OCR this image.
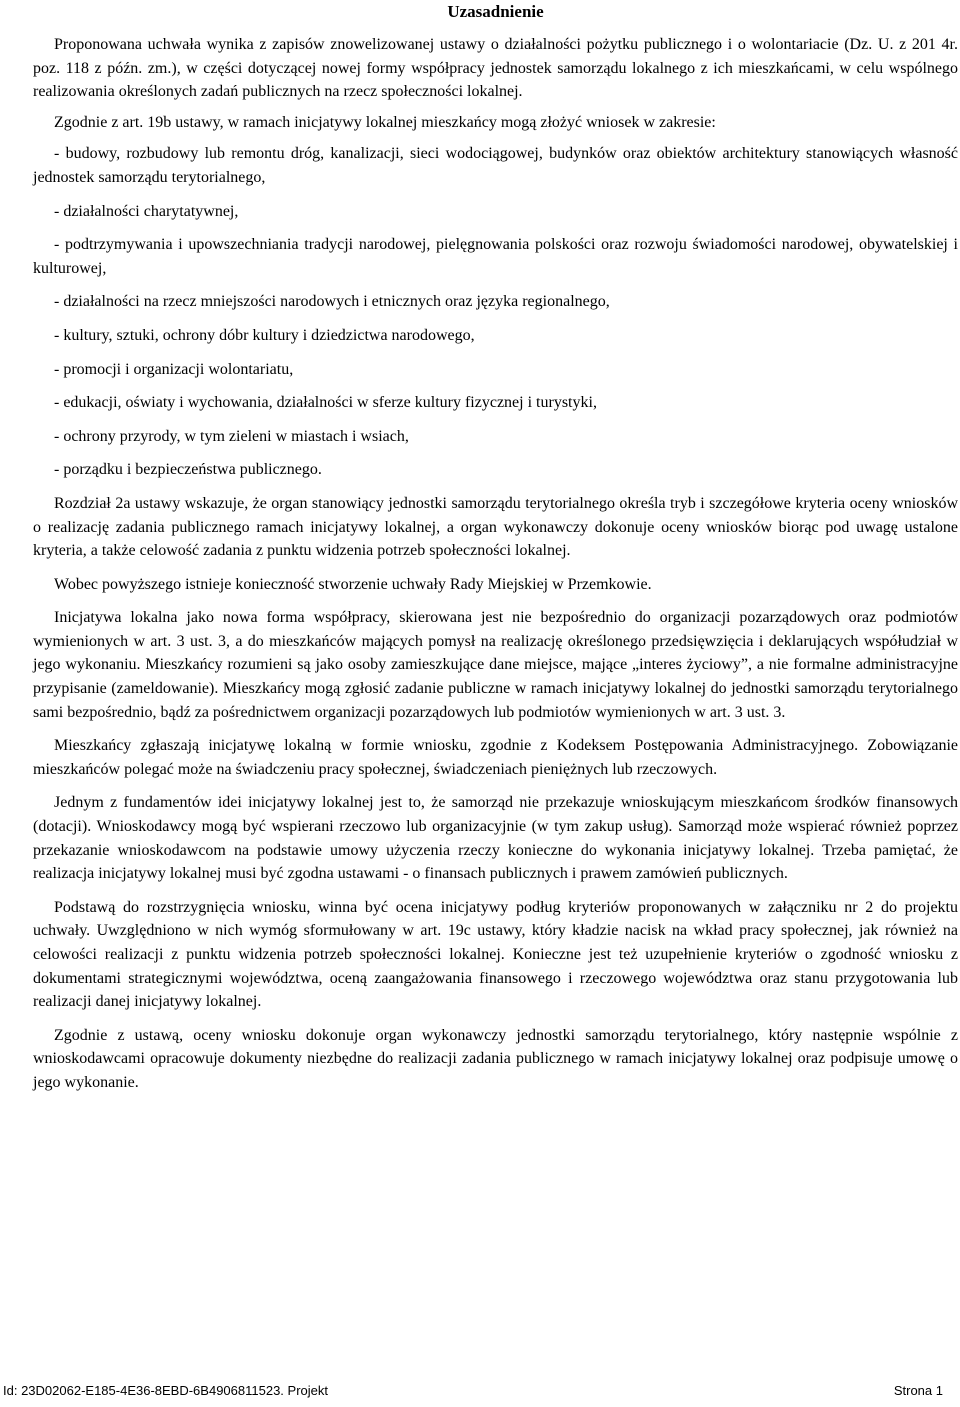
Uzasadnienie

Proponowana uchwała wynika z zapisów znowelizowanej ustawy o działalności pożytku publicznego i o wolontariacie (Dz. U. z 201 4r. poz. 118 z późn. zm.), w części dotyczącej nowej formy współpracy jednostek samorządu lokalnego z ich mieszkańcami, w celu wspólnego realizowania określonych zadań publicznych na rzecz społeczności lokalnej.

Zgodnie z art. 19b ustawy, w ramach inicjatywy lokalnej mieszkańcy mogą złożyć wniosek w zakresie:

- budowy, rozbudowy lub remontu dróg, kanalizacji, sieci wodociągowej, budynków oraz obiektów architektury stanowiących własność jednostek samorządu terytorialnego,

- działalności charytatywnej,

- podtrzymywania i upowszechniania tradycji narodowej, pielęgnowania polskości oraz rozwoju świadomości narodowej, obywatelskiej i kulturowej,

- działalności na rzecz mniejszości narodowych i etnicznych oraz języka regionalnego,

- kultury, sztuki, ochrony dóbr kultury i dziedzictwa narodowego,

- promocji i organizacji wolontariatu,

- edukacji, oświaty i wychowania, działalności w sferze kultury fizycznej i turystyki,

- ochrony przyrody, w tym zieleni w miastach i wsiach,

- porządku i bezpieczeństwa publicznego.

Rozdział 2a ustawy wskazuje, że organ stanowiący jednostki samorządu terytorialnego określa tryb i szczegółowe kryteria oceny wniosków o realizację zadania publicznego ramach inicjatywy lokalnej, a organ wykonawczy dokonuje oceny wniosków biorąc pod uwagę ustalone kryteria, a także celowość zadania z punktu widzenia potrzeb społeczności lokalnej.

Wobec powyższego istnieje konieczność stworzenie uchwały Rady Miejskiej w Przemkowie.

Inicjatywa lokalna jako nowa forma współpracy, skierowana jest nie bezpośrednio do organizacji pozarządowych oraz podmiotów wymienionych w art. 3 ust. 3, a do mieszkańców mających pomysł na realizację określonego przedsięwzięcia i deklarujących współudział w jego wykonaniu. Mieszkańcy rozumieni są jako osoby zamieszkujące dane miejsce, mające „interes życiowy”, a nie formalne administracyjne przypisanie (zameldowanie). Mieszkańcy mogą zgłosić zadanie publiczne w ramach inicjatywy lokalnej do jednostki samorządu terytorialnego sami bezpośrednio, bądź za pośrednictwem organizacji pozarządowych lub podmiotów wymienionych w art. 3 ust. 3.

Mieszkańcy zgłaszają inicjatywę lokalną w formie wniosku, zgodnie z Kodeksem Postępowania Administracyjnego. Zobowiązanie mieszkańców polegać może na świadczeniu pracy społecznej, świadczeniach pieniężnych lub rzeczowych.

Jednym z fundamentów idei inicjatywy lokalnej jest to, że samorząd nie przekazuje wnioskującym mieszkańcom środków finansowych (dotacji). Wnioskodawcy mogą być wspierani rzeczowo lub organizacyjnie (w tym zakup usług). Samorząd może wspierać również poprzez przekazanie wnioskodawcom na podstawie umowy użyczenia rzeczy konieczne do wykonania inicjatywy lokalnej. Trzeba pamiętać, że realizacja inicjatywy lokalnej musi być zgodna ustawami - o finansach publicznych i prawem zamówień publicznych.

Podstawą do rozstrzygnięcia wniosku, winna być ocena inicjatywy podług kryteriów proponowanych w załączniku nr 2 do projektu uchwały. Uwzględniono w nich wymóg sformułowany w art. 19c ustawy, który kładzie nacisk na wkład pracy społecznej, jak również na celowości realizacji z punktu widzenia potrzeb społeczności lokalnej. Konieczne jest też uzupełnienie kryteriów o zgodność wniosku z dokumentami strategicznymi województwa, oceną zaangażowania finansowego i rzeczowego województwa oraz stanu przygotowania lub realizacji danej inicjatywy lokalnej.

Zgodnie z ustawą, oceny wniosku dokonuje organ wykonawczy jednostki samorządu terytorialnego, który następnie wspólnie z wnioskodawcami opracowuje dokumenty niezbędne do realizacji zadania publicznego w ramach inicjatywy lokalnej oraz podpisuje umowę o jego wykonanie.

Id: 23D02062-E185-4E36-8EBD-6B4906811523. Projekt	Strona 1
